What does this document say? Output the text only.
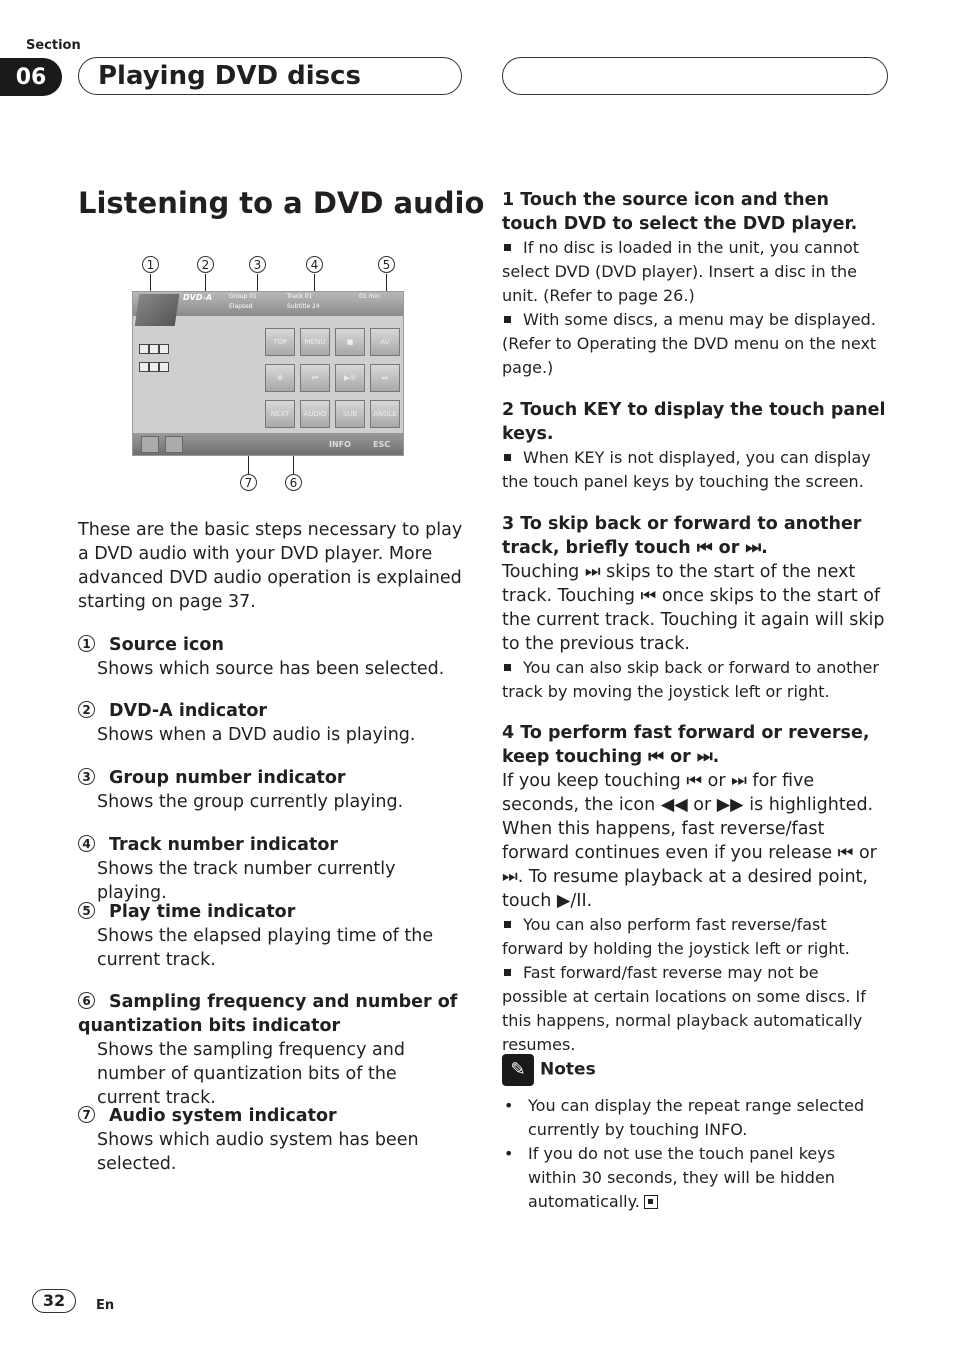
Section
06	Playing DVD discs
Listening to a DVD audio
1	2	3	4	5
7	6
DVD-A	Group 01	Track 01	01 min
Elapsed	Subtitle 24
TOP	MENU	■	AV
✥	⏮	▶/II	⏭
NEXT	AUDIO	SUB	ANGLE
INFO	ESC
These are the basic steps necessary to play a DVD audio with your DVD player. More advanced DVD audio operation is explained starting on page 37.
1 Source icon
Shows which source has been selected.
2 DVD-A indicator
Shows when a DVD audio is playing.
3 Group number indicator
Shows the group currently playing.
4 Track number indicator
Shows the track number currently playing.
5 Play time indicator
Shows the elapsed playing time of the current track.
6 Sampling frequency and number of quantization bits indicator
Shows the sampling frequency and number of quantization bits of the current track.
7 Audio system indicator
Shows which audio system has been selected.
1 Touch the source icon and then touch DVD to select the DVD player.
If no disc is loaded in the unit, you cannot select DVD (DVD player). Insert a disc in the unit. (Refer to page 26.)
With some discs, a menu may be displayed. (Refer to Operating the DVD menu on the next page.)
2 Touch KEY to display the touch panel keys.
When KEY is not displayed, you can display the touch panel keys by touching the screen.
3 To skip back or forward to another track, briefly touch ⏮ or ⏭.
Touching ⏭ skips to the start of the next track. Touching ⏮ once skips to the start of the current track. Touching it again will skip to the previous track.
You can also skip back or forward to another track by moving the joystick left or right.
4 To perform fast forward or reverse, keep touching ⏮ or ⏭.
If you keep touching ⏮ or ⏭ for five seconds, the icon ◀◀ or ▶▶ is highlighted. When this happens, fast reverse/fast forward continues even if you release ⏮ or ⏭. To resume playback at a desired point, touch ▶/II.
You can also perform fast reverse/fast forward by holding the joystick left or right.
Fast forward/fast reverse may not be possible at certain locations on some discs. If this happens, normal playback automatically resumes.
✎ Notes
• You can display the repeat range selected currently by touching INFO.
• If you do not use the touch panel keys within 30 seconds, they will be hidden automatically.
32	En
